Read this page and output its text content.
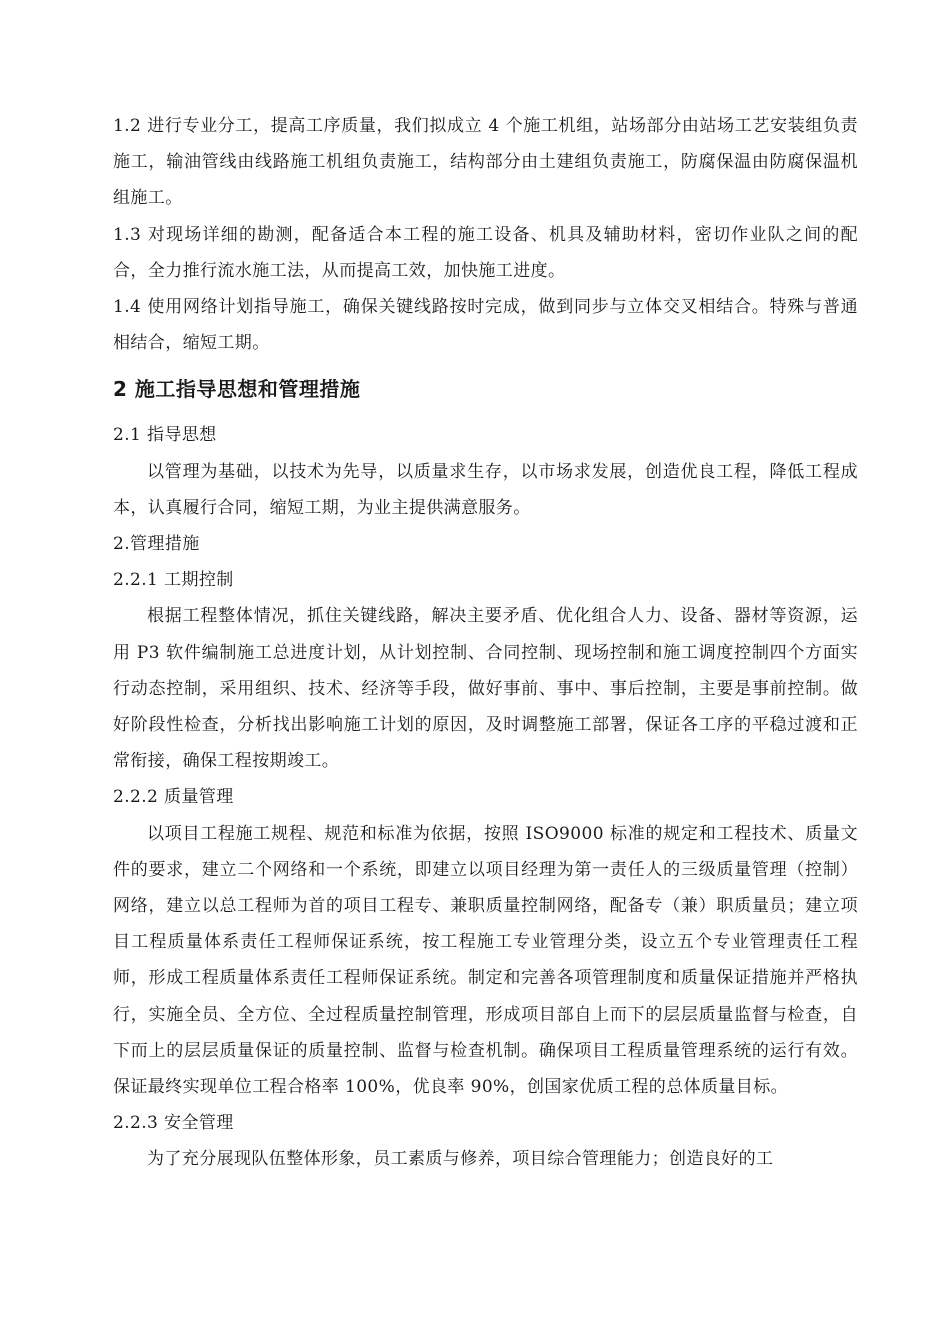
1.2 进行专业分工，提高工序质量，我们拟成立 4 个施工机组，站场部分由站场工艺安装组负责施工，输油管线由线路施工机组负责施工，结构部分由土建组负责施工，防腐保温由防腐保温机组施工。

1.3 对现场详细的勘测，配备适合本工程的施工设备、机具及辅助材料，密切作业队之间的配合，全力推行流水施工法，从而提高工效，加快施工进度。

1.4 使用网络计划指导施工，确保关键线路按时完成，做到同步与立体交叉相结合。特殊与普通相结合，缩短工期。

2 施工指导思想和管理措施

2.1 指导思想

以管理为基础，以技术为先导，以质量求生存，以市场求发展，创造优良工程，降低工程成本，认真履行合同，缩短工期，为业主提供满意服务。

2.管理措施

2.2.1 工期控制

根据工程整体情况，抓住关键线路，解决主要矛盾、优化组合人力、设备、器材等资源，运用 P3 软件编制施工总进度计划，从计划控制、合同控制、现场控制和施工调度控制四个方面实行动态控制，采用组织、技术、经济等手段，做好事前、事中、事后控制，主要是事前控制。做好阶段性检查，分析找出影响施工计划的原因，及时调整施工部署，保证各工序的平稳过渡和正常衔接，确保工程按期竣工。

2.2.2 质量管理

以项目工程施工规程、规范和标准为依据，按照 ISO9000 标准的规定和工程技术、质量文件的要求，建立二个网络和一个系统，即建立以项目经理为第一责任人的三级质量管理（控制）网络，建立以总工程师为首的项目工程专、兼职质量控制网络，配备专（兼）职质量员；建立项目工程质量体系责任工程师保证系统，按工程施工专业管理分类，设立五个专业管理责任工程师，形成工程质量体系责任工程师保证系统。制定和完善各项管理制度和质量保证措施并严格执行，实施全员、全方位、全过程质量控制管理，形成项目部自上而下的层层质量监督与检查，自下而上的层层质量保证的质量控制、监督与检查机制。确保项目工程质量管理系统的运行有效。保证最终实现单位工程合格率 100%，优良率 90%，创国家优质工程的总体质量目标。

2.2.3 安全管理

为了充分展现队伍整体形象，员工素质与修养，项目综合管理能力；创造良好的工
